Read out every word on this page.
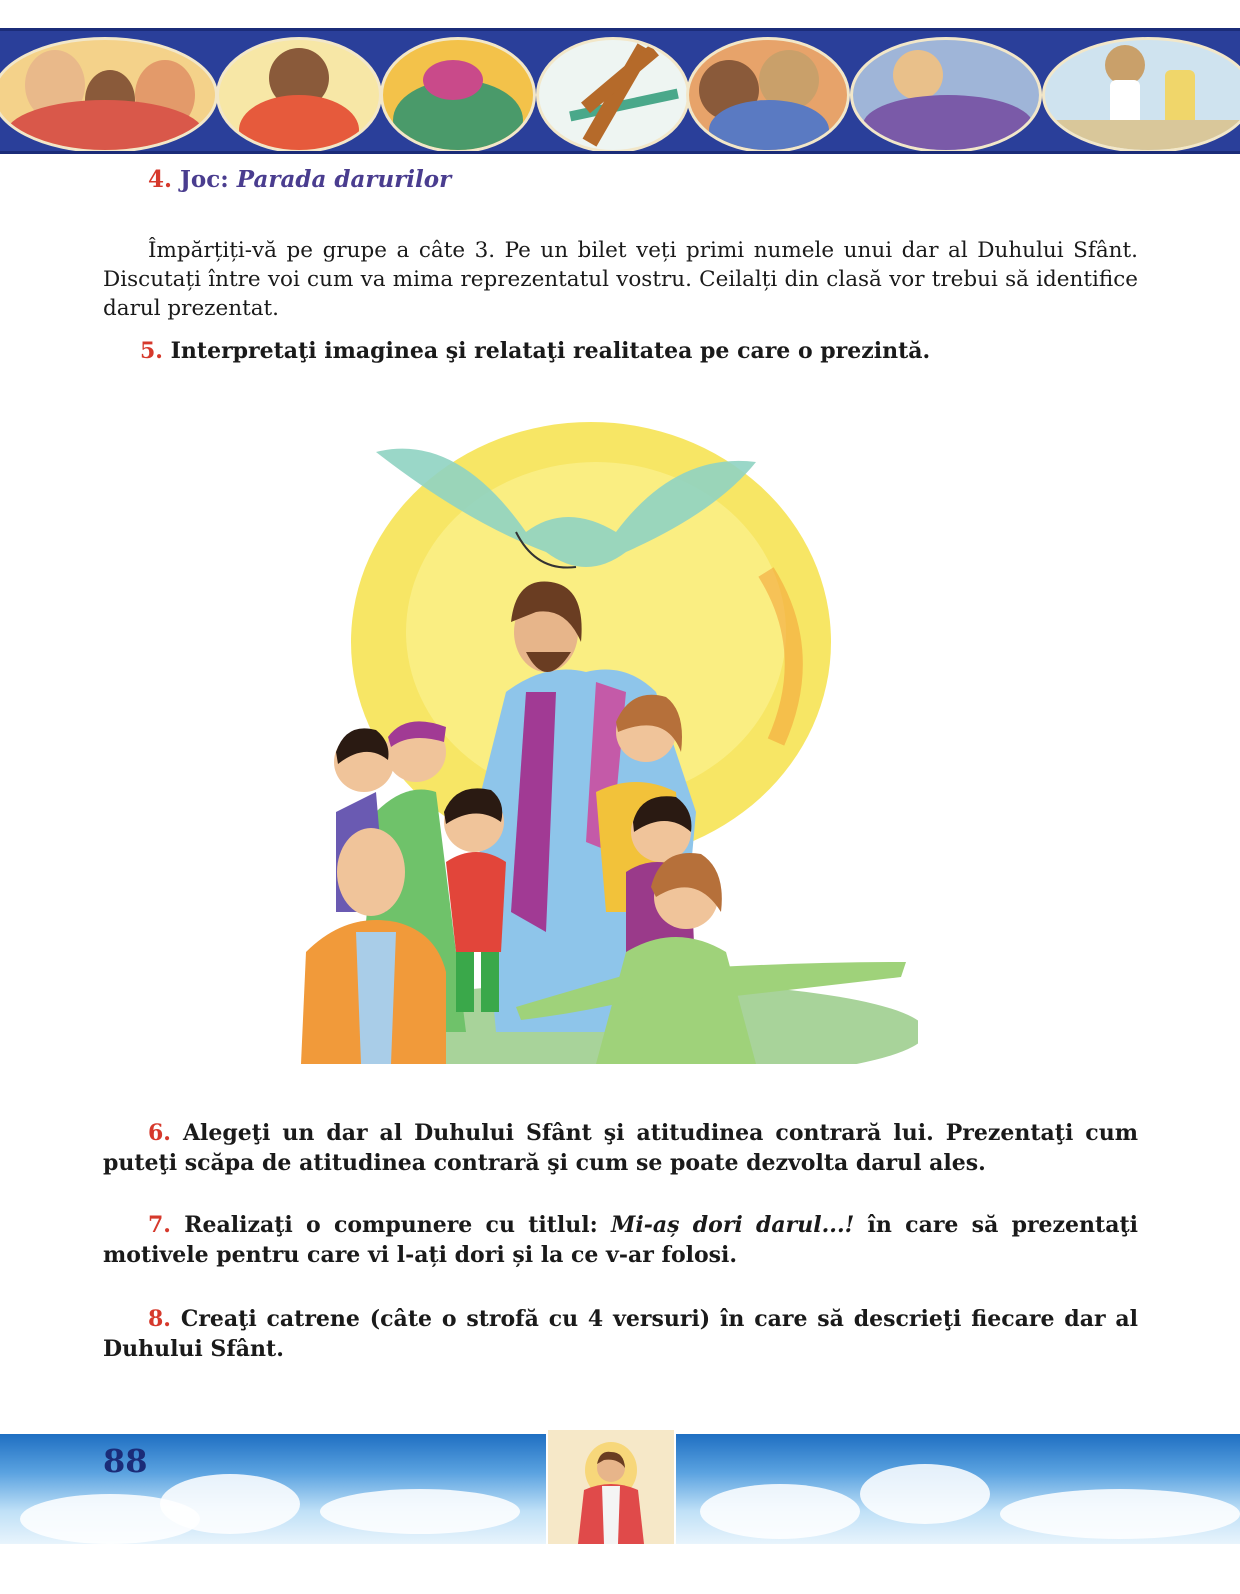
4. Joc: Parada darurilor
Împărțiți-vă pe grupe a câte 3. Pe un bilet veți primi numele unui dar al Duhului Sfânt. Discutați între voi cum va mima reprezentatul vostru. Ceilalți din clasă vor trebui să identifice darul prezentat.
5. Interpretaţi imaginea şi relataţi realitatea pe care o prezintă.
6. Alegeţi un dar al Duhului Sfânt şi atitudinea contrară lui. Prezentaţi cum puteţi scăpa de atitudinea contrară şi cum se poate dezvolta darul ales.
7. Realizaţi o compunere cu titlul: Mi-aș dori darul...! în care să prezentaţi motivele pentru care vi l-ați dori și la ce v-ar folosi.
8. Creaţi catrene (câte o strofă cu 4 versuri) în care să descrieţi fiecare dar al Duhului Sfânt.
88
